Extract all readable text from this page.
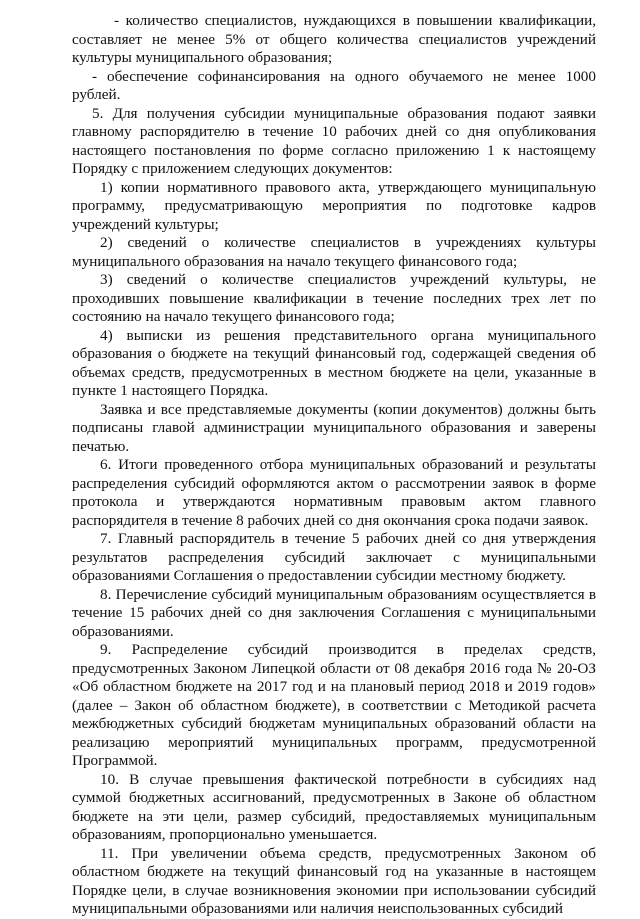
- количество специалистов, нуждающихся в повышении квалификации, составляет не менее 5% от общего количества специалистов учреждений культуры муниципального образования;

- обеспечение софинансирования на одного обучаемого не менее 1000 рублей.

5. Для получения субсидии муниципальные образования подают заявки главному распорядителю в течение 10 рабочих дней со дня опубликования настоящего постановления по форме согласно приложению 1 к настоящему Порядку с приложением следующих документов:

1) копии нормативного правового акта, утверждающего муниципальную программу, предусматривающую мероприятия по подготовке кадров учреждений культуры;

2) сведений о количестве специалистов в учреждениях культуры муниципального образования на начало текущего финансового года;

3) сведений о количестве специалистов учреждений культуры, не проходивших повышение квалификации в течение последних трех лет по состоянию на начало текущего финансового года;

4) выписки из решения представительного органа муниципального образования о бюджете на текущий финансовый год, содержащей сведения об объемах средств, предусмотренных в местном бюджете на цели, указанные в пункте 1 настоящего Порядка.

Заявка и все представляемые документы (копии документов) должны быть подписаны главой администрации муниципального образования и заверены печатью.

6. Итоги проведенного отбора муниципальных образований и результаты распределения субсидий оформляются актом о рассмотрении заявок в форме протокола и утверждаются нормативным правовым актом главного распорядителя в течение 8 рабочих дней со дня окончания срока подачи заявок.

7. Главный распорядитель в течение 5 рабочих дней со дня утверждения результатов распределения субсидий заключает с муниципальными образованиями Соглашения о предоставлении субсидии местному бюджету.

8. Перечисление субсидий муниципальным образованиям осуществляется в течение 15 рабочих дней со дня заключения Соглашения с муниципальными образованиями.

9. Распределение субсидий производится в пределах средств, предусмотренных Законом Липецкой области от 08 декабря 2016 года № 20-ОЗ «Об областном бюджете на 2017 год и на плановый период 2018 и 2019 годов» (далее – Закон об областном бюджете), в соответствии с Методикой расчета межбюджетных субсидий бюджетам муниципальных образований области на реализацию мероприятий муниципальных программ, предусмотренной Программой.

10. В случае превышения фактической потребности в субсидиях над суммой бюджетных ассигнований, предусмотренных в Законе об областном бюджете на эти цели, размер субсидий, предоставляемых муниципальным образованиям, пропорционально уменьшается.

11. При увеличении объема средств, предусмотренных Законом об областном бюджете на текущий финансовый год на указанные в настоящем Порядке цели, в случае возникновения экономии при использовании субсидий муниципальными образованиями или наличия неиспользованных субсидий
